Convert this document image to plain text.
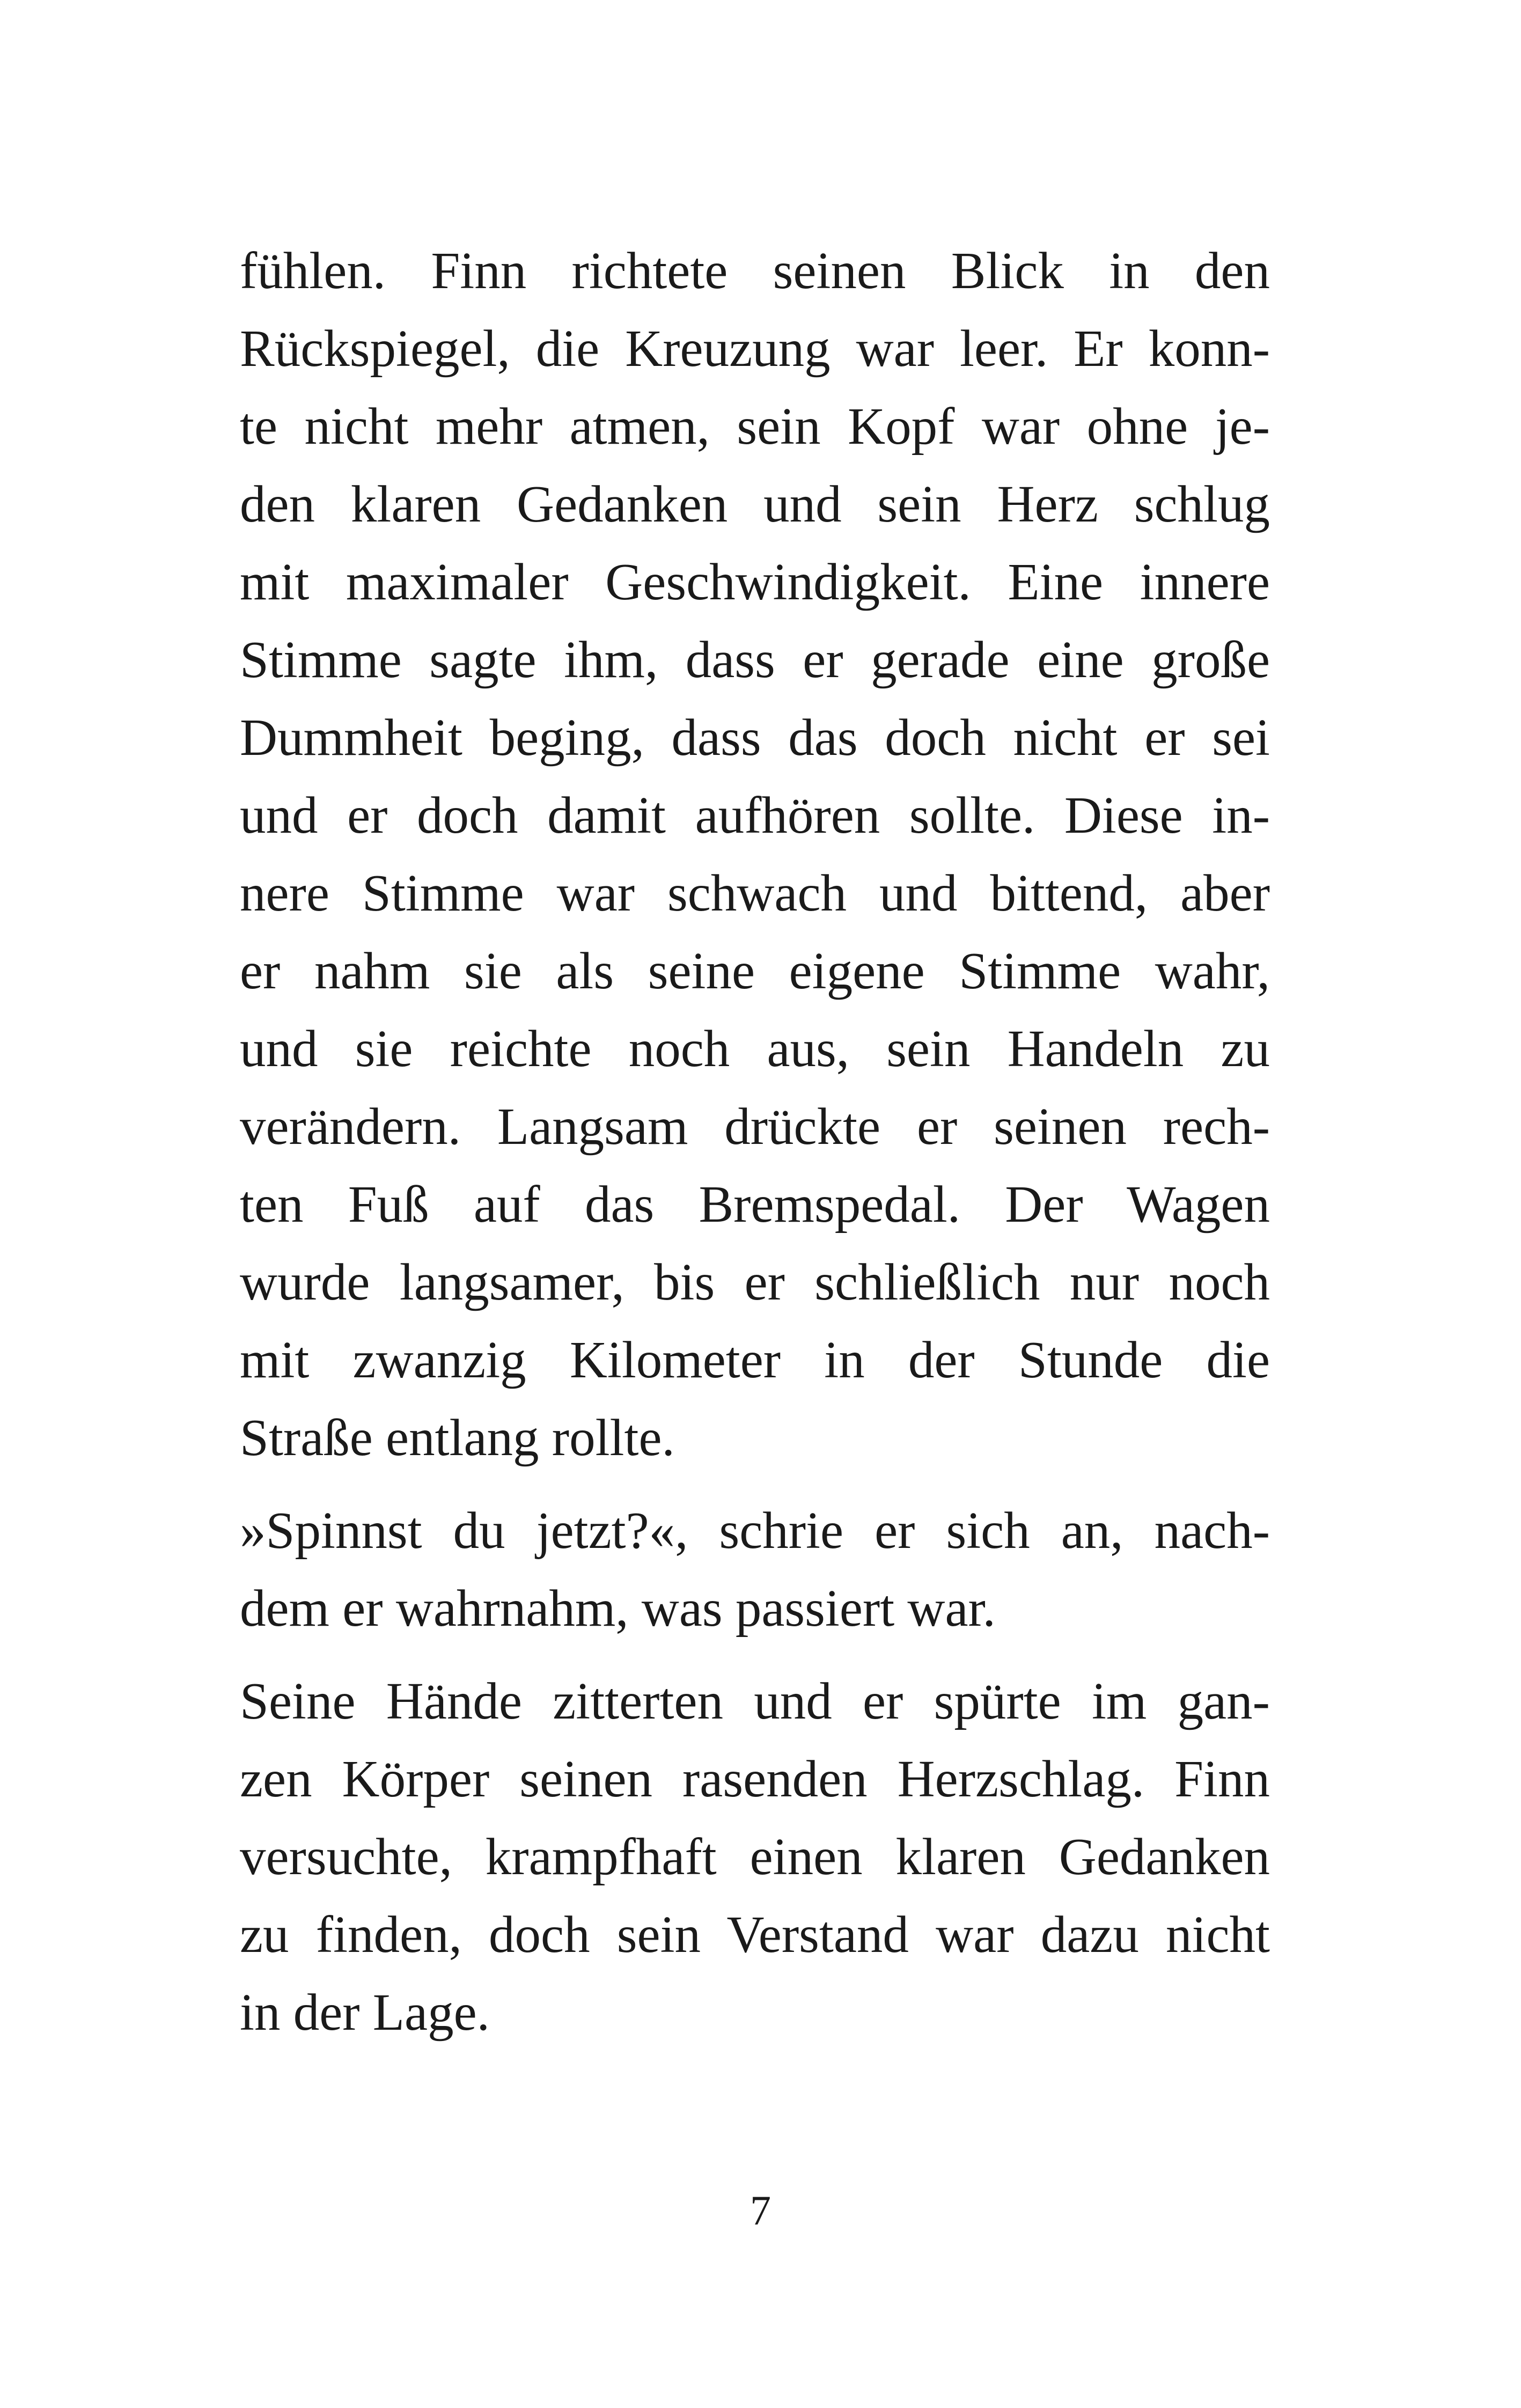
fühlen. Finn richtete seinen Blick in den
Rückspiegel, die Kreuzung war leer. Er konn-
te nicht mehr atmen, sein Kopf war ohne je-
den klaren Gedanken und sein Herz schlug
mit maximaler Geschwindigkeit. Eine innere
Stimme sagte ihm, dass er gerade eine große
Dummheit beging, dass das doch nicht er sei
und er doch damit aufhören sollte. Diese in-
nere Stimme war schwach und bittend, aber
er nahm sie als seine eigene Stimme wahr,
und sie reichte noch aus, sein Handeln zu
verändern. Langsam drückte er seinen rech-
ten Fuß auf das Bremspedal. Der Wagen
wurde langsamer, bis er schließlich nur noch
mit zwanzig Kilometer in der Stunde die
Straße entlang rollte.
»Spinnst du jetzt?«, schrie er sich an, nach-
dem er wahrnahm, was passiert war.
Seine Hände zitterten und er spürte im gan-
zen Körper seinen rasenden Herzschlag. Finn
versuchte, krampfhaft einen klaren Gedanken
zu finden, doch sein Verstand war dazu nicht
in der Lage.
7
